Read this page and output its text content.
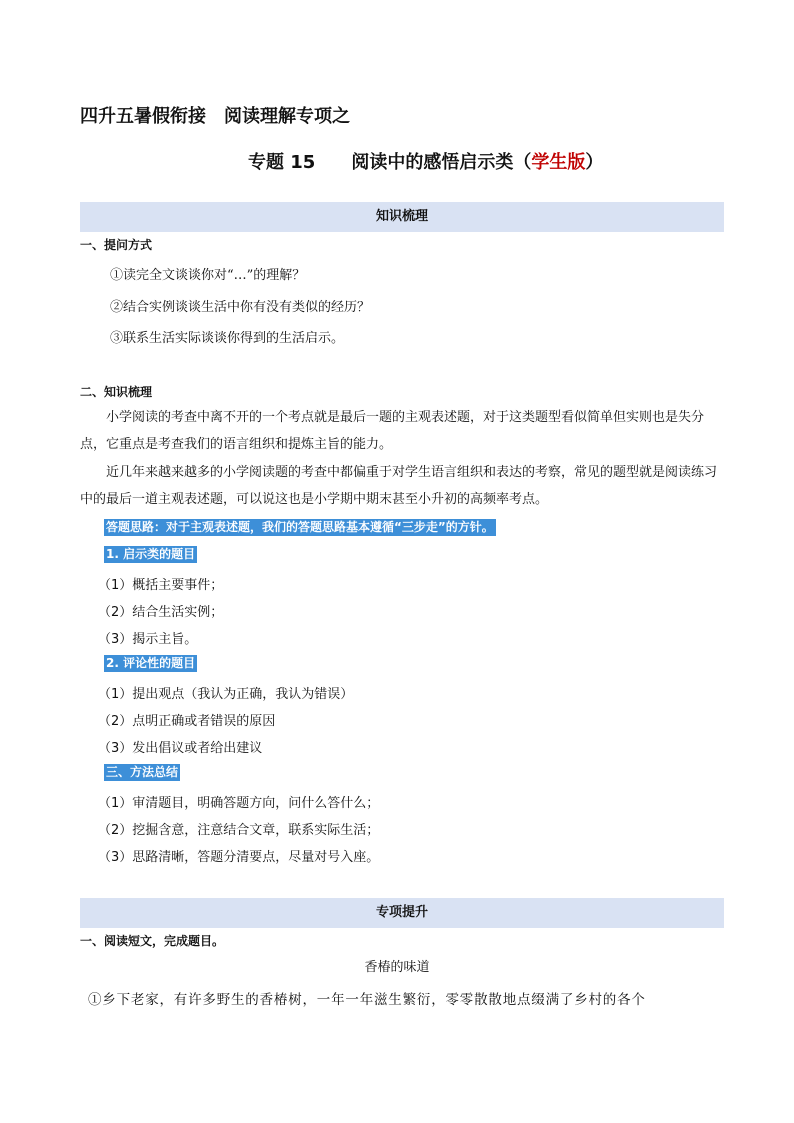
四升五暑假衔接　阅读理解专项之
专题 15　　阅读中的感悟启示类（学生版）
知识梳理
一、提问方式
①读完全文谈谈你对“…”的理解？
②结合实例谈谈生活中你有没有类似的经历？
③联系生活实际谈谈你得到的生活启示。
二、知识梳理
小学阅读的考查中离不开的一个考点就是最后一题的主观表述题，对于这类题型看似简单但实则也是失分点，它重点是考查我们的语言组织和提炼主旨的能力。
近几年来越来越多的小学阅读题的考查中都偏重于对学生语言组织和表达的考察，常见的题型就是阅读练习中的最后一道主观表述题，可以说这也是小学期中期末甚至小升初的高频率考点。
答题思路：对于主观表述题，我们的答题思路基本遵循“三步走”的方针。
1. 启示类的题目
（1）概括主要事件；
（2）结合生活实例；
（3）揭示主旨。
2. 评论性的题目
（1）提出观点（我认为正确，我认为错误）
（2）点明正确或者错误的原因
（3）发出倡议或者给出建议
三、方法总结
（1）审清题目，明确答题方向，问什么答什么；
（2）挖掘含意，注意结合文章，联系实际生活；
（3）思路清晰，答题分清要点，尽量对号入座。
专项提升
一、阅读短文，完成题目。
香椿的味道
①乡下老家，有许多野生的香椿树，一年一年滋生繁衍，零零散散地点缀满了乡村的各个
